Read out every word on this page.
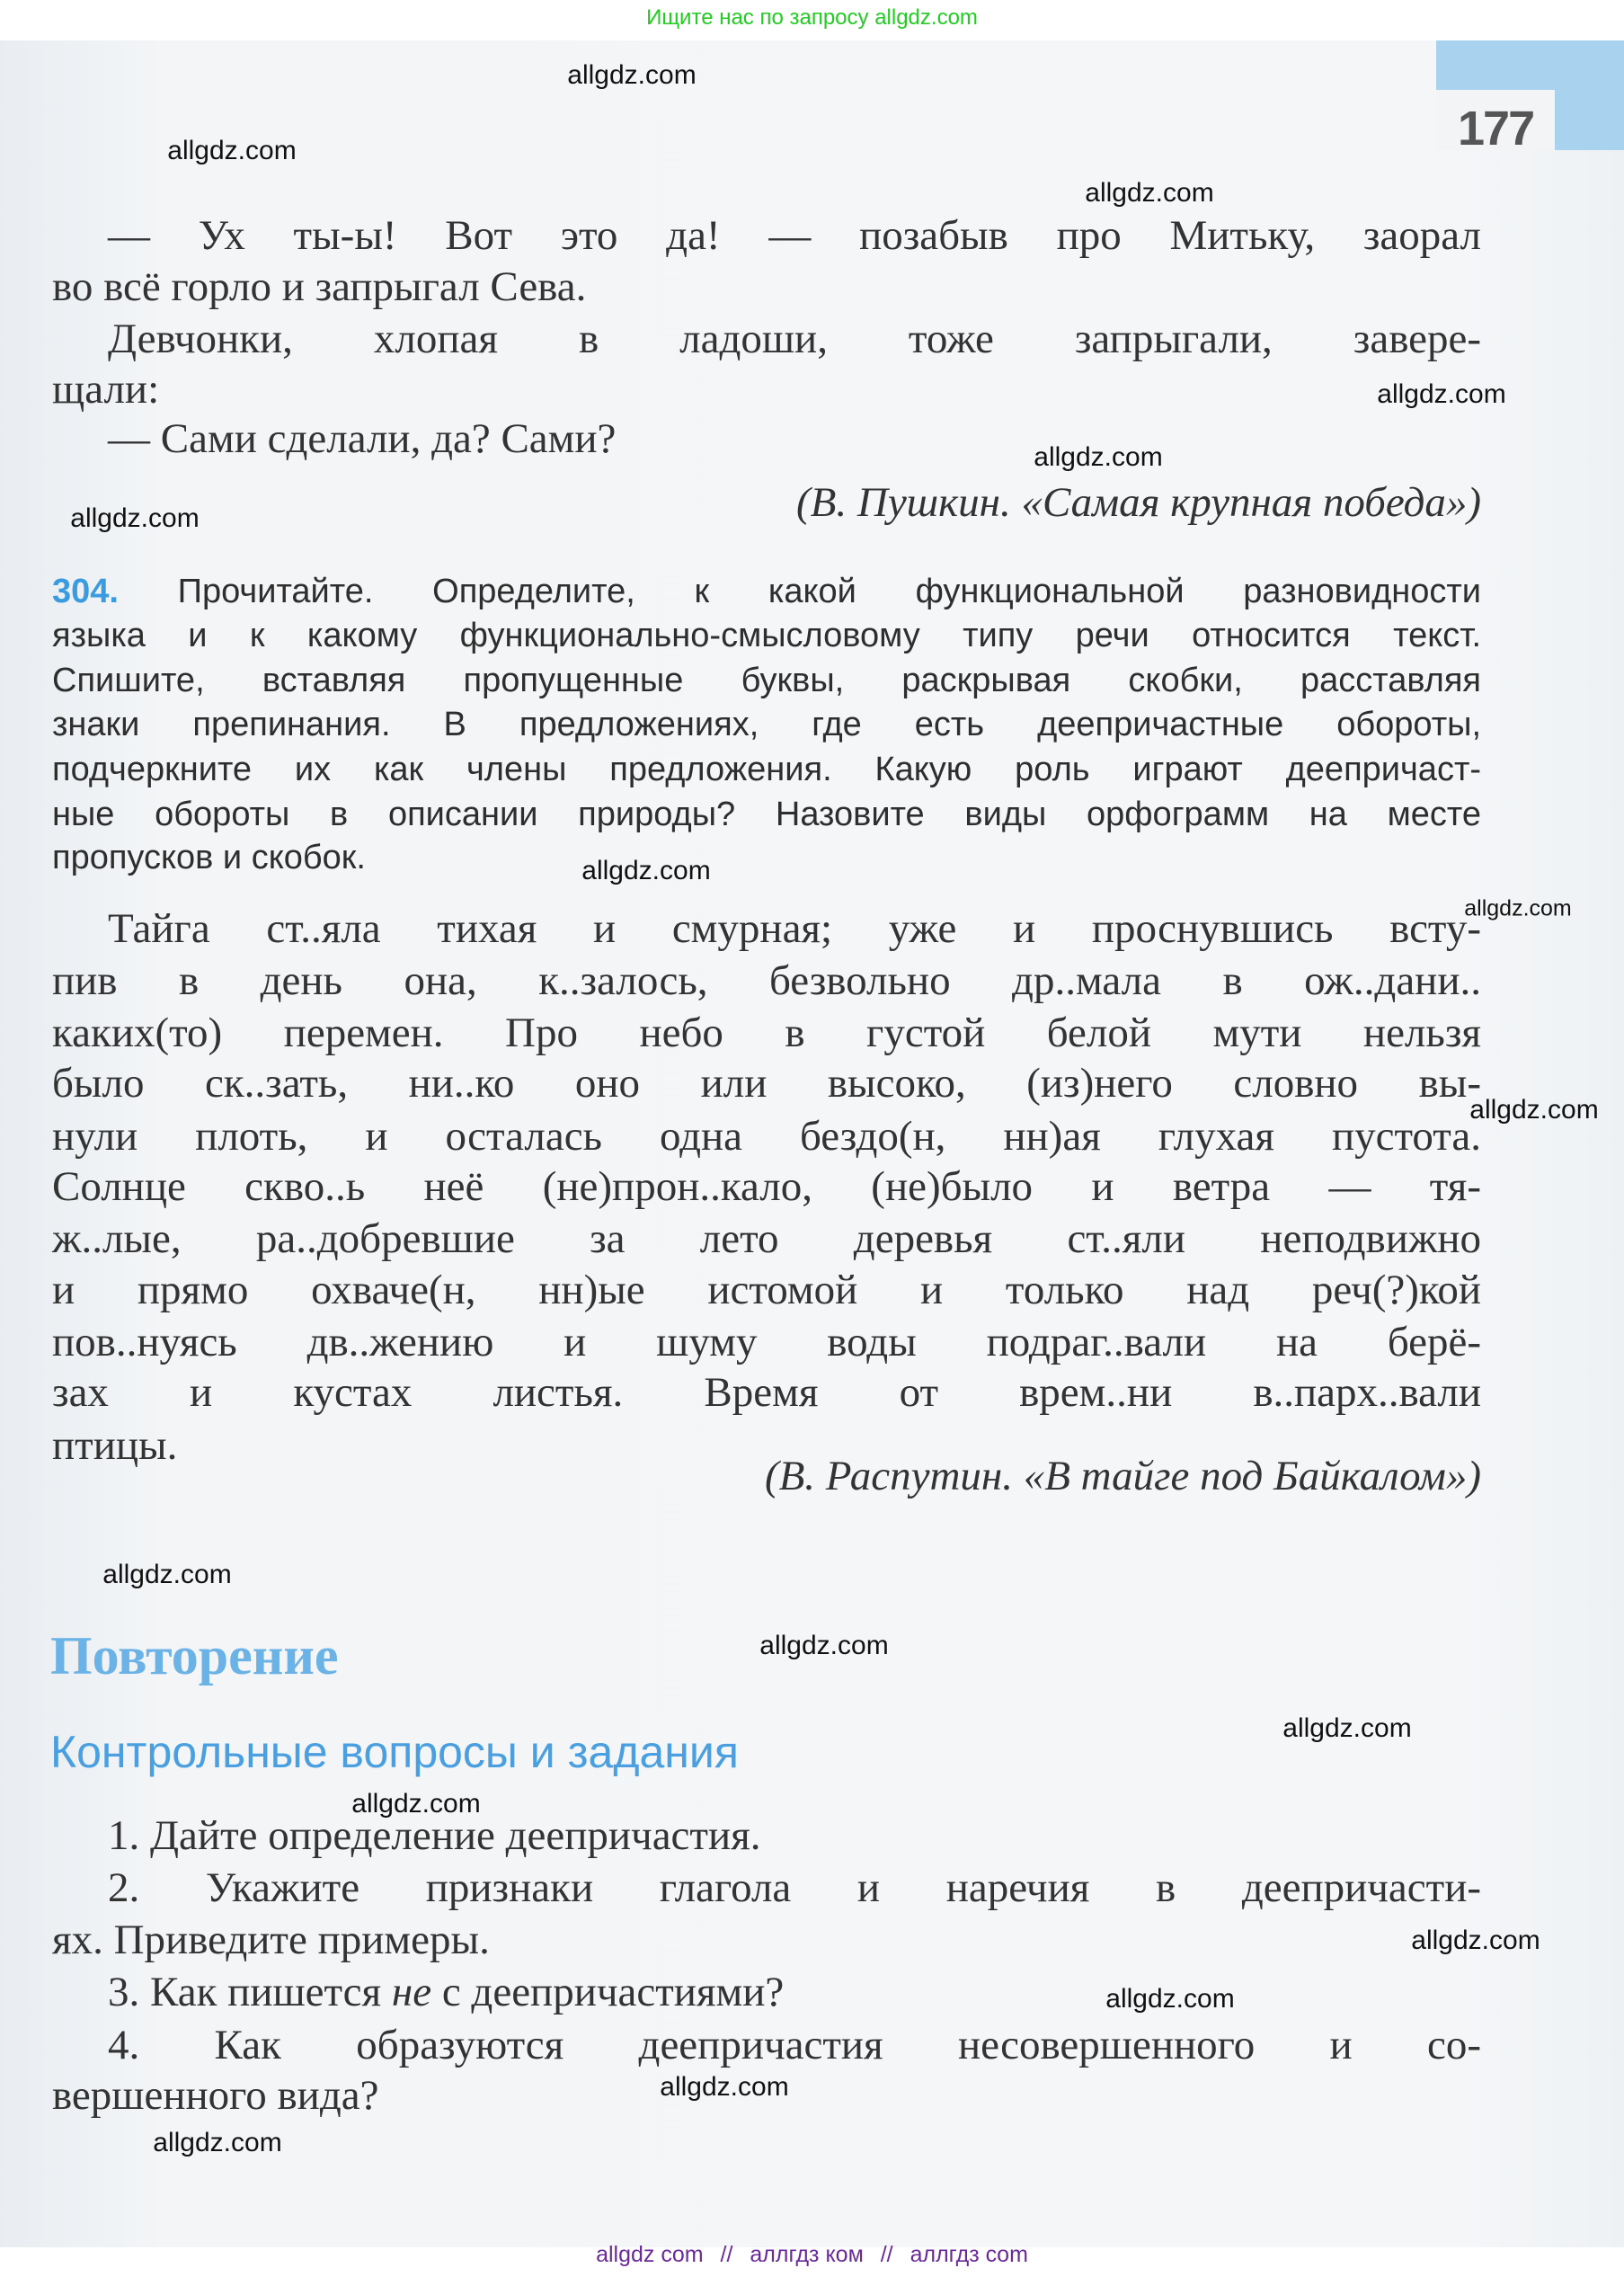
Ищите нас по запросу allgdz.com
177
— Ух ты-ы! Вот это да! — позабыв про Митьку, заорал
во всё горло и запрыгал Сева.
Девчонки, хлопая в ладоши, тоже запрыгали, завере-
щали:
— Сами сделали, да? Сами?
(В. Пушкин. «Самая крупная победа»)
304. Прочитайте. Определите, к какой функциональной разновидности
языка и к какому функционально-смысловому типу речи относится текст.
Спишите, вставляя пропущенные буквы, раскрывая скобки, расставляя
знаки препинания. В предложениях, где есть деепричастные обороты,
подчеркните их как члены предложения. Какую роль играют деепричаст-
ные обороты в описании природы? Назовите виды орфограмм на месте
пропусков и скобок.
Тайга ст..яла тихая и смурная; уже и проснувшись всту-
пив в день она, к..залось, безвольно др..мала в ож..дани..
каких(то) перемен. Про небо в густой белой мути нельзя
было ск..зать, ни..ко оно или высоко, (из)него словно вы-
нули плоть, и осталась одна бездо(н, нн)ая глухая пустота.
Солнце скво..ь неё (не)прон..кало, (не)было и ветра — тя-
ж..лые, ра..добревшие за лето деревья ст..яли неподвижно
и прямо охваче(н, нн)ые истомой и только над реч(?)кой
пов..нуясь дв..жению и шуму воды подраг..вали на берё-
зах и кустах листья. Время от врем..ни в..парх..вали
птицы.
(В. Распутин. «В тайге под Байкалом»)
1. Дайте определение деепричастия.
2. Укажите признаки глагола и наречия в деепричасти-
ях. Приведите примеры.
3. Как пишется не с деепричастиями?
4. Как образуются деепричастия несовершенного и со-
вершенного вида?
Повторение
Контрольные вопросы и задания
allgdz.com
allgdz.com
allgdz.com
allgdz.com
allgdz.com
allgdz.com
allgdz.com
allgdz.com
allgdz.com
allgdz.com
allgdz.com
allgdz.com
allgdz.com
allgdz.com
allgdz.com
allgdz.com
allgdz.com
allgdz com // аллгдз ком // аллгдз com
